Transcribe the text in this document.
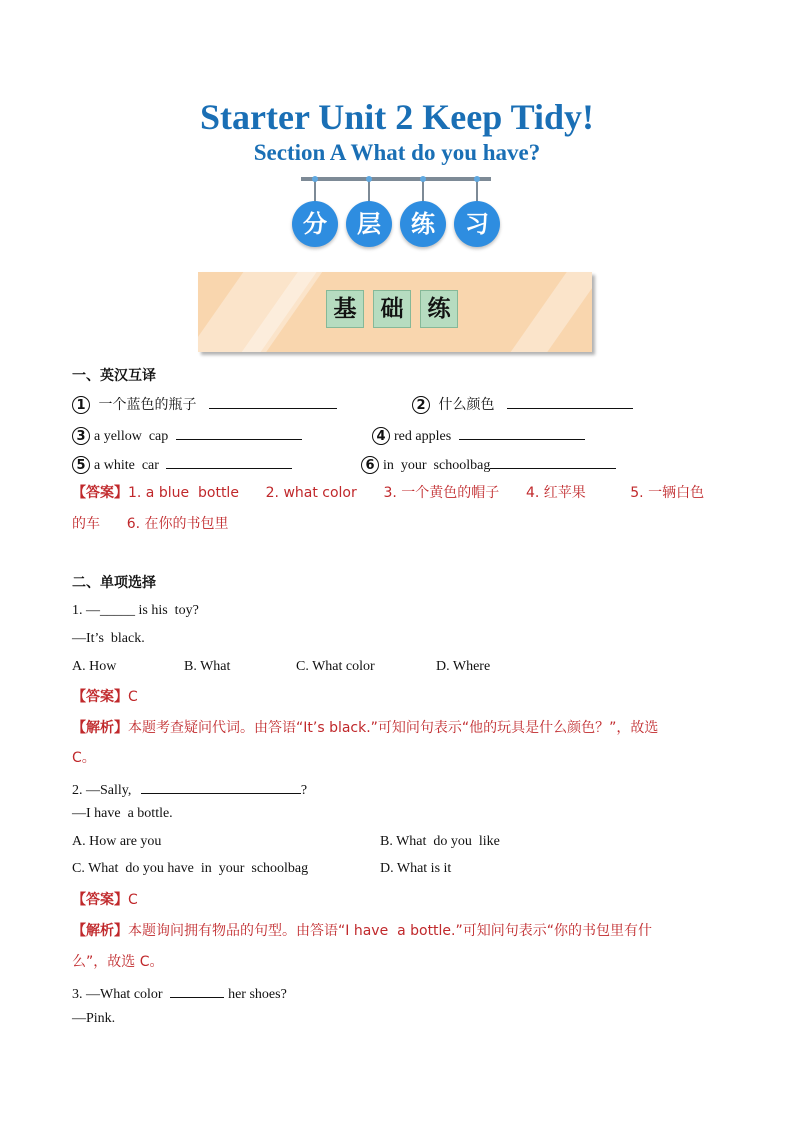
Starter Unit 2 Keep Tidy!
Section A What do you have?
分	层	练	习
基	础	练
一、英汉互译
1 一个蓝色的瓶子	2 什么颜色
3 a yellow  cap	4 red apples
5 a white  car	6 in  your  schoolbag
【答案】1. a blue  bottle      2. what color      3. 一个黄色的帽子      4. 红苹果          5. 一辆白色
的车      6. 在你的书包里
二、单项选择
1. —_____ is his  toy?
—It’s  black.
A. How	B. What	C. What color	D. Where
【答案】C
【解析】本题考查疑问代词。由答语“It’s black.”可知问句表示“他的玩具是什么颜色？”，故选
C。
2. —Sally,	?
—I have  a bottle.
A. How are you	B. What  do you  like
C. What  do you have  in  your  schoolbag	D. What is it
【答案】C
【解析】本题询问拥有物品的句型。由答语“I have  a bottle.”可知问句表示“你的书包里有什
么”，故选 C。
3. —What color	her shoes?
—Pink.
